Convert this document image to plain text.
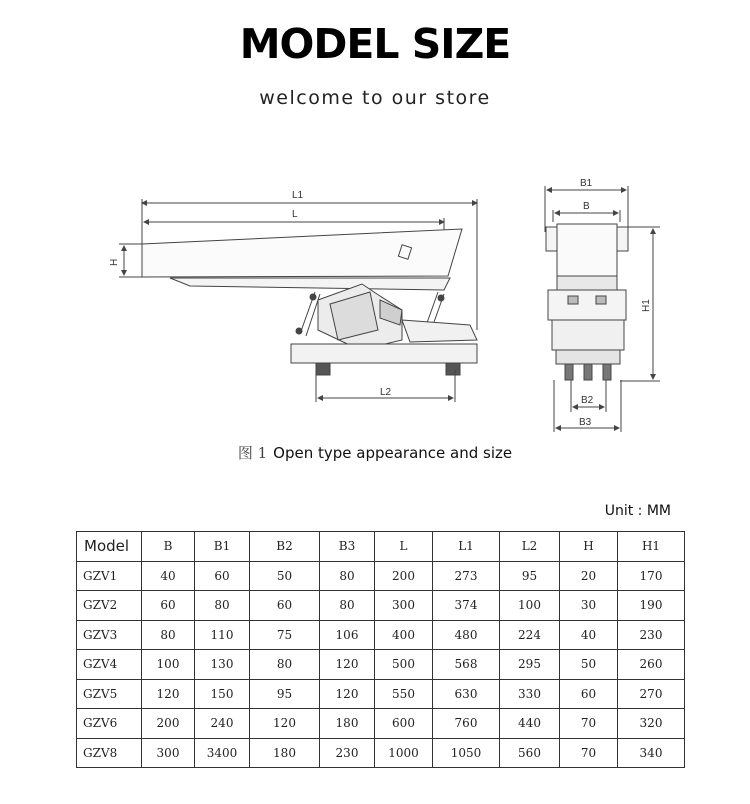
MODEL SIZE
welcome to our store
L1
L
H
L2
B1
B
H1
B2
B3
图 1 Open type appearance and size
Unit : MM
Model	B	B1	B2	B3	L	L1	L2	H	H1
GZV1	40	60	50	80	200	273	95	20	170
GZV2	60	80	60	80	300	374	100	30	190
GZV3	80	110	75	106	400	480	224	40	230
GZV4	100	130	80	120	500	568	295	50	260
GZV5	120	150	95	120	550	630	330	60	270
GZV6	200	240	120	180	600	760	440	70	320
GZV8	300	3400	180	230	1000	1050	560	70	340
